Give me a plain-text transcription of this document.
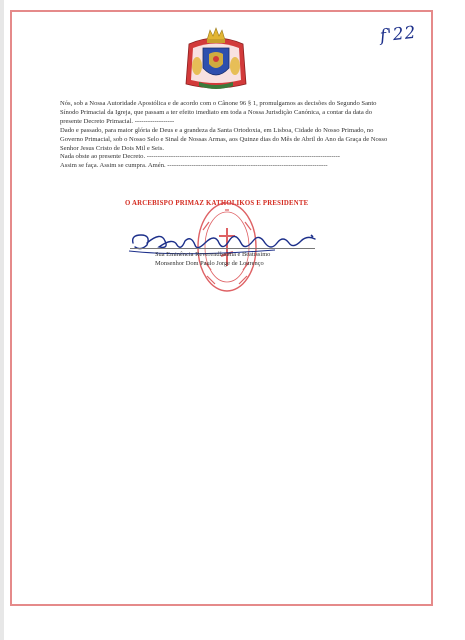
f'22

Nós, sob a Nossa Autoridade Apostólica e de acordo com o Cânone 96 § 1, promulgamos as decisões do Segundo Santo Sínodo Primacial da Igreja, que passam a ter efeito imediato em toda a Nossa Jurisdição Canónica, a contar da data do presente Decreto Primacial. ------------------

Dado e passado, para maior glória de Deus e a grandeza da Santa Ortodoxia, em Lisboa, Cidade do Nosso Primado, no Governo Primacial, sob o Nosso Selo e Sinal de Nossas Armas, aos Quinze dias do Mês de Abril do Ano da Graça de Nosso Senhor Jesus Cristo de Dois Mil e Seis.

Nada obste ao presente Decreto. ----------------------------------------------------------------------------------------

Assim se faça. Assim se cumpra. Amén. -------------------------------------------------------------------------

O ARCEBISPO PRIMAZ KATHOLIKOS E PRESIDENTE
Sua Eminência Reverendíssima e Beatíssimo
Monsenhor Dom Paulo Jorge de Lourenço
